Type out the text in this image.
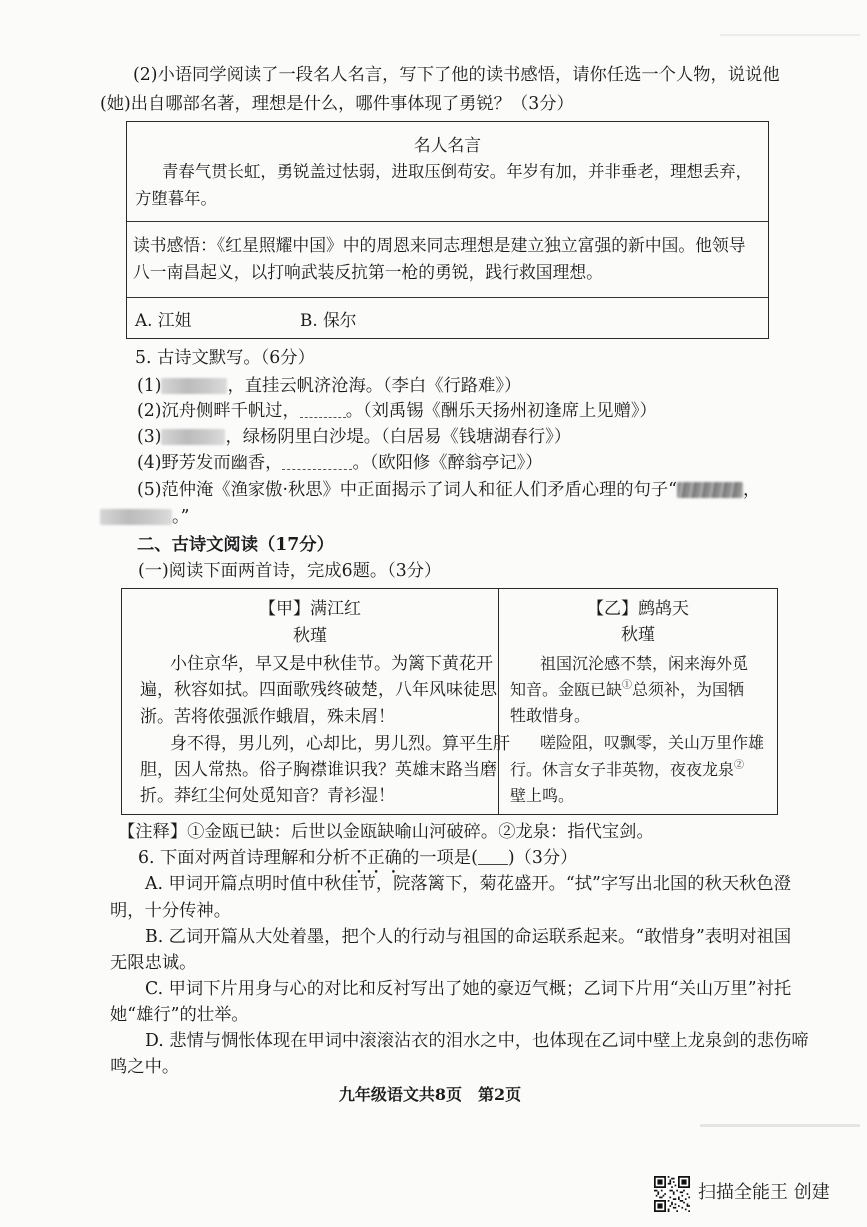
(2)小语同学阅读了一段名人名言，写下了他的读书感悟，请你任选一个人物，说说他
(她)出自哪部名著，理想是什么，哪件事体现了勇锐？（3分）
名人名言
青春气贯长虹，勇锐盖过怯弱，进取压倒苟安。年岁有加，并非垂老，理想丢弃，
方堕暮年。
读书感悟：《红星照耀中国》中的周恩来同志理想是建立独立富强的新中国。他领导
八一南昌起义，以打响武装反抗第一枪的勇锐，践行救国理想。
A. 江姐	B. 保尔
5. 古诗文默写。（6分）
(1)	，直挂云帆济沧海。（李白《行路难》）
(2)沉舟侧畔千帆过，	。（刘禹锡《酬乐天扬州初逢席上见赠》）
(3)	，绿杨阴里白沙堤。（白居易《钱塘湖春行》）
(4)野芳发而幽香，	。（欧阳修《醉翁亭记》）
(5)范仲淹《渔家傲·秋思》中正面揭示了词人和征人们矛盾心理的句子“	，
。”
二、古诗文阅读（17分）
(一)阅读下面两首诗，完成6题。（3分）
【甲】满江红
秋瑾
小住京华，早又是中秋佳节。为篱下黄花开
遍，秋容如拭。四面歌残终破楚，八年风味徒思
浙。苦将侬强派作蛾眉，殊未屑！
身不得，男儿列，心却比，男儿烈。算平生肝
胆，因人常热。俗子胸襟谁识我？英雄末路当磨
折。莽红尘何处觅知音？青衫湿！
【乙】鹧鸪天
秋瑾
祖国沉沦感不禁，闲来海外觅
知音。金瓯已缺①总须补，为国牺
牲敢惜身。
嗟险阻，叹飘零，关山万里作雄
行。休言女子非英物，夜夜龙泉②
壁上鸣。
【注释】①金瓯已缺：后世以金瓯缺喻山河破碎。②龙泉：指代宝剑。
6. 下面对两首诗理解和分析不正确的一项是( )（3分）
A. 甲词开篇点明时值中秋佳节，院落篱下，菊花盛开。“拭”字写出北国的秋天秋色澄
明，十分传神。
B. 乙词开篇从大处着墨，把个人的行动与祖国的命运联系起来。“敢惜身”表明对祖国
无限忠诚。
C. 甲词下片用身与心的对比和反衬写出了她的豪迈气概；乙词下片用“关山万里”衬托
她“雄行”的壮举。
D. 悲情与惆怅体现在甲词中滚滚沾衣的泪水之中，也体现在乙词中壁上龙泉剑的悲伤啼
鸣之中。
九年级语文共8页　第2页
扫描全能王 创建
